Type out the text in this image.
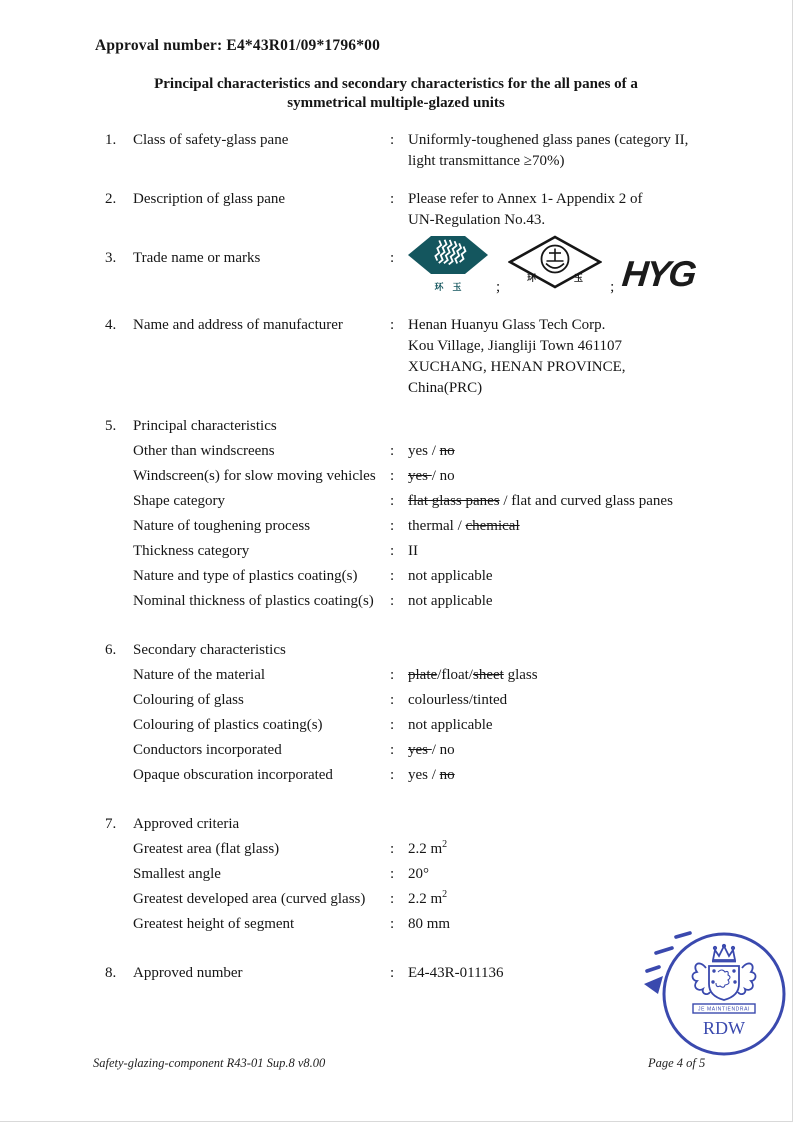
Approval number: E4*43R01/09*1796*00
Principal characteristics and secondary characteristics for the all panes of a
symmetrical multiple-glazed units
1.	Class of safety-glass pane	: Uniformly-toughened glass panes (category II,
light transmittance ≥70%)
2.	Description of glass pane	: Please refer to Annex 1- Appendix 2 of
UN-Regulation No.43.
3.	Trade name or marks	:
环玉 ;
环	玉
; HYG
4.	Name and address of manufacturer	: Henan Huanyu Glass Tech Corp.
Kou Village, Jiangliji Town 461107
XUCHANG, HENAN PROVINCE,
China(PRC)
5.	Principal characteristics
Other than windscreens	: yes / no
Windscreen(s) for slow moving vehicles : yes / no
Shape category	: flat glass panes / flat and curved glass panes
Nature of toughening process	: thermal / chemical
Thickness category	: II
Nature and type of plastics coating(s)	: not applicable
Nominal thickness of plastics coating(s)	: not applicable
6.	Secondary characteristics
Nature of the material	: plate/float/sheet glass
Colouring of glass	: colourless/tinted
Colouring of plastics coating(s)	: not applicable
Conductors incorporated	: yes / no
Opaque obscuration incorporated	: yes / no
7.	Approved criteria
Greatest area (flat glass)	: 2.2 $m^2$
Smallest angle	: 20°
Greatest developed area (curved glass)	: 2.2 $m^2$
Greatest height of segment	: 80 mm
8.	Approved number	: E4-43R-011136
JE MAINTIENDRAI
RDW
Safety-glazing-component R43-01 Sup.8 v8.00	Page 4 of 5
